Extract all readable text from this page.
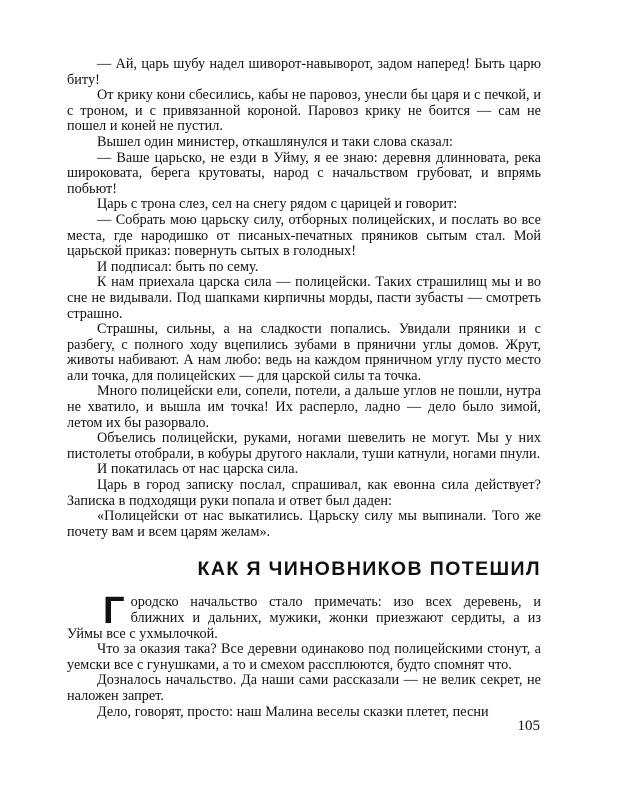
— Ай, царь шубу надел шиворот-навыворот, задом наперед! Быть царю биту!

От крику кони сбесились, кабы не паровоз, унесли бы царя и с печкой, и с троном, и с привязанной короной. Паровоз крику не боится — сам не пошел и коней не пустил.

Вышел один министер, откашлянулся и таки слова сказал:

— Ваше царьско, не езди в Уйму, я ее знаю: деревня длинновата, река широковата, берега крутоваты, народ с начальством грубоват, и впрямь побьют!

Царь с трона слез, сел на снегу рядом с царицей и говорит:

— Собрать мою царьску силу, отборных полицейских, и послать во все места, где народишко от писаных-печатных пряников сытым стал. Мой царьской приказ: повернуть сытых в голодных!

И подписал: быть по сему.

К нам приехала царска сила — полицейски. Таких страшилищ мы и во сне не видывали. Под шапками кирпичны морды, пасти зубасты — смотреть страшно.

Страшны, сильны, а на сладкости попались. Увидали пряники и с разбегу, с полного ходу вцепились зубами в прянични углы домов. Жрут, животы набивают. А нам любо: ведь на каждом пряничном углу пусто место али точка, для полицейских — для царской силы та точка.

Много полицейски ели, сопели, потели, а дальше углов не пошли, нутра не хватило, и вышла им точка! Их расперло, ладно — дело было зимой, летом их бы разорвало.

Объелись полицейски, руками, ногами шевелить не могут. Мы у них пистолеты отобрали, в кобуры другого наклали, туши катнули, ногами пнули.

И покатилась от нас царска сила.

Царь в город записку послал, спрашивал, как евонна сила действует? Записка в подходящи руки попала и ответ был даден:

«Полицейски от нас выкатились. Царьску силу мы выпинали. Того же почету вам и всем царям желам».

КАК Я ЧИНОВНИКОВ ПОТЕШИЛ

Городско начальство стало примечать: изо всех деревень, и ближних и дальних, мужики, жонки приезжают сердиты, а из Уймы все с ухмылочкой.

Что за оказия така? Все деревни одинаково под полицейскими стонут, а уемски все с гунушками, а то и смехом рассплюются, будто спомнят что.

Дозналось начальство. Да наши сами рассказали — не велик секрет, не наложен запрет.

Дело, говорят, просто: наш Малина веселы сказки плетет, песни

105
